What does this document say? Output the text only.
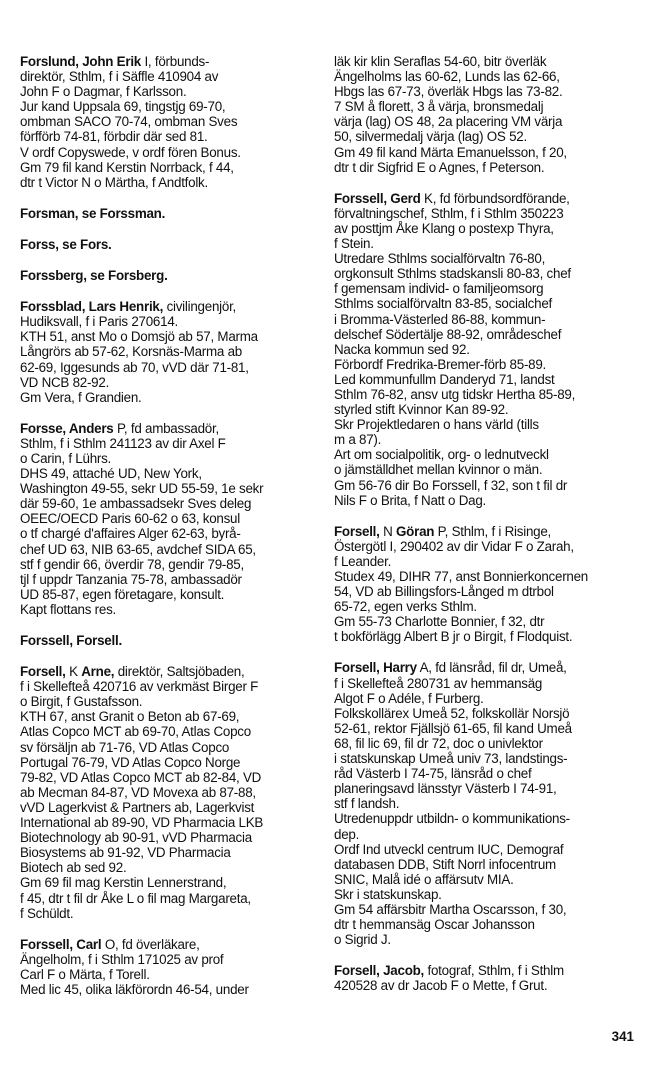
Forslund, John Erik I, förbunds-
direktör, Sthlm, f i Säffle 410904 av
John F o Dagmar, f Karlsson.
Jur kand Uppsala 69, tingstjg 69-70,
ombman SACO 70-74, ombman Sves
förfförb 74-81, förbdir där sed 81.
V ordf Copyswede, v ordf fören Bonus.
Gm 79 fil kand Kerstin Norrback, f 44,
dtr t Victor N o Märtha, f Andtfolk.
Forsman, se Forssman.
Forss, se Fors.
Forssberg, se Forsberg.
Forssblad, Lars Henrik, civilingenjör,
Hudiksvall, f i Paris 270614.
KTH 51, anst Mo o Domsjö ab 57, Marma
Långrörs ab 57-62, Korsnäs-Marma ab
62-69, Iggesunds ab 70, vVD där 71-81,
VD NCB 82-92.
Gm Vera, f Grandien.
Forsse, Anders P, fd ambassadör,
Sthlm, f i Sthlm 241123 av dir Axel F
o Carin, f Lührs.
DHS 49, attaché UD, New York,
Washington 49-55, sekr UD 55-59, 1e sekr
där 59-60, 1e ambassadsekr Sves deleg
OEEC/OECD Paris 60-62 o 63, konsul
o tf chargé d'affaires Alger 62-63, byrå-
chef UD 63, NIB 63-65, avdchef SIDA 65,
stf f gendir 66, överdir 78, gendir 79-85,
tjl f uppdr Tanzania 75-78, ambassadör
UD 85-87, egen företagare, konsult.
Kapt flottans res.
Forssell, Forsell.
Forsell, K Arne, direktör, Saltsjöbaden,
f i Skellefteå 420716 av verkmäst Birger F
o Birgit, f Gustafsson.
KTH 67, anst Granit o Beton ab 67-69,
Atlas Copco MCT ab 69-70, Atlas Copco
sv försäljn ab 71-76, VD Atlas Copco
Portugal 76-79, VD Atlas Copco Norge
79-82, VD Atlas Copco MCT ab 82-84, VD
ab Mecman 84-87, VD Movexa ab 87-88,
vVD Lagerkvist & Partners ab, Lagerkvist
International ab 89-90, VD Pharmacia LKB
Biotechnology ab 90-91, vVD Pharmacia
Biosystems ab 91-92, VD Pharmacia
Biotech ab sed 92.
Gm 69 fil mag Kerstin Lennerstrand,
f 45, dtr t fil dr Åke L o fil mag Margareta,
f Schüldt.
Forssell, Carl O, fd överläkare,
Ängelholm, f i Sthlm 171025 av prof
Carl F o Märta, f Torell.
Med lic 45, olika läkförordn 46-54, under
läk kir klin Seraflas 54-60, bitr överläk
Ängelholms las 60-62, Lunds las 62-66,
Hbgs las 67-73, överläk Hbgs las 73-82.
7 SM å florett, 3 å värja, bronsmedalj
värja (lag) OS 48, 2a placering VM värja
50, silvermedalj värja (lag) OS 52.
Gm 49 fil kand Märta Emanuelsson, f 20,
dtr t dir Sigfrid E o Agnes, f Peterson.
Forssell, Gerd K, fd förbundsordförande,
förvaltningschef, Sthlm, f i Sthlm 350223
av posttjm Åke Klang o postexp Thyra,
f Stein.
Utredare Sthlms socialförvaltn 76-80,
orgkonsult Sthlms stadskansli 80-83, chef
f gemensam individ- o familjeomsorg
Sthlms socialförvaltn 83-85, socialchef
i Bromma-Västerled 86-88, kommun-
delschef Södertälje 88-92, områdeschef
Nacka kommun sed 92.
Förbordf Fredrika-Bremer-förb 85-89.
Led kommunfullm Danderyd 71, landst
Sthlm 76-82, ansv utg tidskr Hertha 85-89,
styrled stift Kvinnor Kan 89-92.
Skr Projektledaren o hans värld (tills
m a 87).
Art om socialpolitik, org- o lednutveckl
o jämställdhet mellan kvinnor o män.
Gm 56-76 dir Bo Forssell, f 32, son t fil dr
Nils F o Brita, f Natt o Dag.
Forsell, N Göran P, Sthlm, f i Risinge,
Östergötl I, 290402 av dir Vidar F o Zarah,
f Leander.
Studex 49, DIHR 77, anst Bonnierkoncernen
54, VD ab Billingsfors-Långed m dtrbol
65-72, egen verks Sthlm.
Gm 55-73 Charlotte Bonnier, f 32, dtr
t bokförlägg Albert B jr o Birgit, f Flodquist.
Forsell, Harry A, fd länsråd, fil dr, Umeå,
f i Skellefteå 280731 av hemmansäg
Algot F o Adéle, f Furberg.
Folkskollärex Umeå 52, folkskollär Norsjö
52-61, rektor Fjällsjö 61-65, fil kand Umeå
68, fil lic 69, fil dr 72, doc o univlektor
i statskunskap Umeå univ 73, landstings-
råd Västerb I 74-75, länsråd o chef
planeringsavd länsstyr Västerb I 74-91,
stf f landsh.
Utredenuppdr utbildn- o kommunikations-
dep.
Ordf Ind utveckl centrum IUC, Demograf
databasen DDB, Stift Norrl infocentrum
SNIC, Malå idé o affärsutv MIA.
Skr i statskunskap.
Gm 54 affärsbitr Martha Oscarsson, f 30,
dtr t hemmansäg Oscar Johansson
o Sigrid J.
Forsell, Jacob, fotograf, Sthlm, f i Sthlm
420528 av dr Jacob F o Mette, f Grut.
341
